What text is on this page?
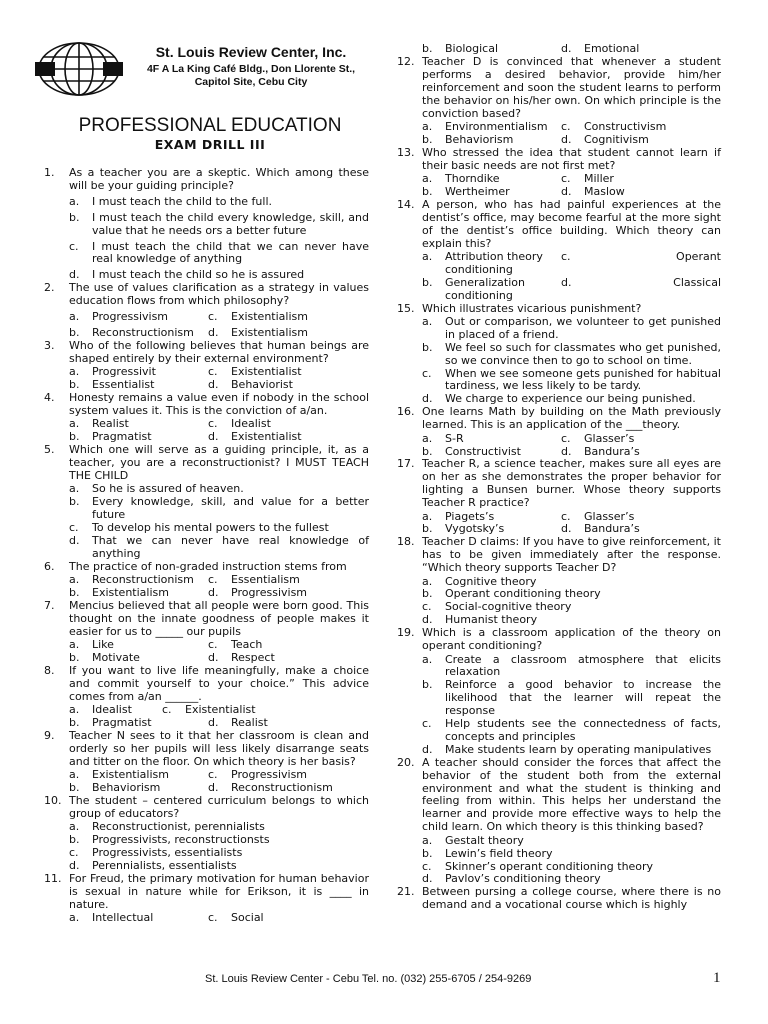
St. Louis Review Center, Inc.
4F A La King Café Bldg., Don Llorente St.,
Capitol Site, Cebu City
PROFESSIONAL EDUCATION
EXAM DRILL III
1.	As a teacher you are a skeptic. Which among these will be your guiding principle?
a.	I must teach the child to the full.
b.	I must teach the child every knowledge, skill, and value that he needs ors a better future
c.	I must teach the child that we can never have real knowledge of anything
d.	I must teach the child so he is assured
2.	The use of values clarification as a strategy in values education flows from which philosophy?
a.	Progressivism	c.	Existentialism
b.	Reconstructionism d.	Existentialism
3.	Who of the following believes that human beings are shaped entirely by their external environment?
a.	Progressivit	c.	Existentialist
b.	Essentialist	d.	Behaviorist
4.	Honesty remains a value even if nobody in the school system values it. This is the conviction of a/an.
a.	Realist	c.	Idealist
b.	Pragmatist	d.	Existentialist
5.	Which one will serve as a guiding principle, it, as a teacher, you are a reconstructionist? I MUST TEACH THE CHILD
a.	So he is assured of heaven.
b.	Every knowledge, skill, and value for a better future
c.	To develop his mental powers to the fullest
d.	That we can never have real knowledge of anything
6.	The practice of non-graded instruction stems from
a.	Reconstructionism c.	Essentialism
b.	Existentialism	d.	Progressivism
7.	Mencius believed that all people were born good. This thought on the innate goodness of people makes it easier for us to _____ our pupils
a.	Like	c.	Teach
b.	Motivate	d.	Respect
8.	If you want to live life meaningfully, make a choice and commit yourself to your choice.” This advice comes from a/an ______.
a.	Idealist	c.	Existentialist
b.	Pragmatist	d.	Realist
9.	Teacher N sees to it that her classroom is clean and orderly so her pupils will less likely disarrange seats and titter on the floor. On which theory is her basis?
a.	Existentialism	c.	Progressivism
b.	Behaviorism	d.	Reconstructionism
10. The student – centered curriculum belongs to which group of educators?
a.	Reconstructionist, perennialists
b.	Progressivists, reconstructionsts
c.	Progressivists, essentialists
d.	Perennialists, essentialists
11. For Freud, the primary motivation for human behavior is sexual in nature while for Erikson, it is ____ in nature.
a.	Intellectual	c.	Social
b.	Biological	d.	Emotional
12. Teacher D is convinced that whenever a student performs a desired behavior, provide him/her reinforcement and soon the student learns to perform the behavior on his/her own. On which principle is the conviction based?
a.	Environmentialism c.	Constructivism
b.	Behaviorism	d.	Cognitivism
13. Who stressed the idea that student cannot learn if their basic needs are not first met?
a.	Thorndike	c.	Miller
b.	Wertheimer	d.	Maslow
14. A person, who has had painful experiences at the dentist’s office, may become fearful at the more sight of the dentist’s office building. Which theory can explain this?
a.	Attribution theory c.	Operant
conditioning
b.	Generalization	d.	Classical
conditioning
15. Which illustrates vicarious punishment?
a.	Out or comparison, we volunteer to get punished in placed of a friend.
b.	We feel so such for classmates who get punished, so we convince then to go to school on time.
c.	When we see someone gets punished for habitual tardiness, we less likely to be tardy.
d.	We charge to experience our being punished.
16. One learns Math by building on the Math previously learned. This is an application of the ___theory.
a.	S-R	c.	Glasser’s
b.	Constructivist	d.	Bandura’s
17. Teacher R, a science teacher, makes sure all eyes are on her as she demonstrates the proper behavior for lighting a Bunsen burner. Whose theory supports Teacher R practice?
a.	Piagets’s	c.	Glasser’s
b.	Vygotsky’s	d.	Bandura’s
18. Teacher D claims: If you have to give reinforcement, it has to be given immediately after the response. “Which theory supports Teacher D?
a.	Cognitive theory
b.	Operant conditioning theory
c.	Social-cognitive theory
d.	Humanist theory
19. Which is a classroom application of the theory on operant conditioning?
a.	Create a classroom atmosphere that elicits relaxation
b.	Reinforce a good behavior to increase the likelihood that the learner will repeat the response
c.	Help students see the connectedness of facts, concepts and principles
d.	Make students learn by operating manipulatives
20. A teacher should consider the forces that affect the behavior of the student both from the external environment and what the student is thinking and feeling from within. This helps her understand the learner and provide more effective ways to help the child learn. On which theory is this thinking based?
a.	Gestalt theory
b.	Lewin’s field theory
c.	Skinner’s operant conditioning theory
d.	Pavlov’s conditioning theory
21. Between pursing a college course, where there is no demand and a vocational course which is highly
St. Louis Review Center - Cebu Tel. no. (032) 255-6705 / 254-9269	1
